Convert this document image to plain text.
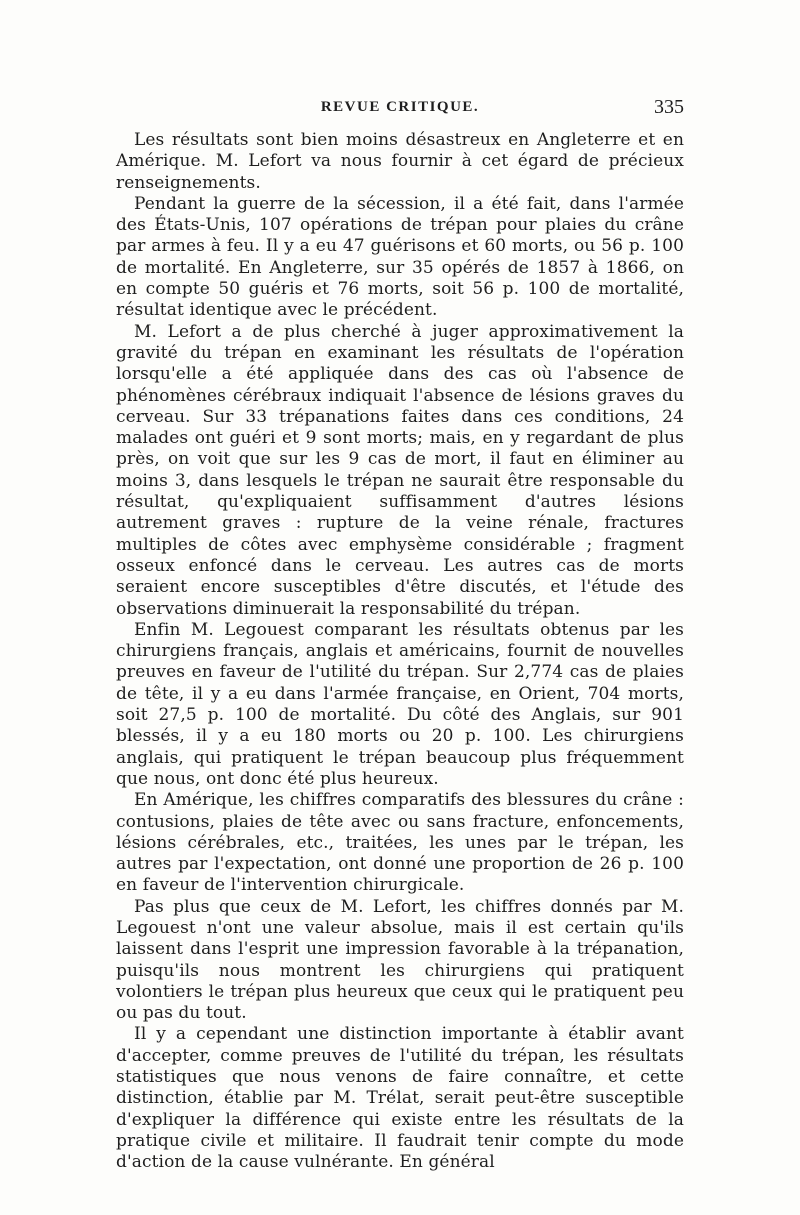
REVUE CRITIQUE.	335

Les résultats sont bien moins désastreux en Angleterre et en Amérique. M. Lefort va nous fournir à cet égard de précieux renseignements.

Pendant la guerre de la sécession, il a été fait, dans l'armée des États-Unis, 107 opérations de trépan pour plaies du crâne par armes à feu. Il y a eu 47 guérisons et 60 morts, ou 56 p. 100 de mortalité. En Angleterre, sur 35 opérés de 1857 à 1866, on en compte 50 guéris et 76 morts, soit 56 p. 100 de mortalité, résultat identique avec le précédent.

M. Lefort a de plus cherché à juger approximativement la gravité du trépan en examinant les résultats de l'opération lorsqu'elle a été appliquée dans des cas où l'absence de phénomènes cérébraux indiquait l'absence de lésions graves du cerveau. Sur 33 trépanations faites dans ces conditions, 24 malades ont guéri et 9 sont morts; mais, en y regardant de plus près, on voit que sur les 9 cas de mort, il faut en éliminer au moins 3, dans lesquels le trépan ne saurait être responsable du résultat, qu'expliquaient suffisamment d'autres lésions autrement graves : rupture de la veine rénale, fractures multiples de côtes avec emphysème considérable ; fragment osseux enfoncé dans le cerveau. Les autres cas de morts seraient encore susceptibles d'être discutés, et l'étude des observations diminuerait la responsabilité du trépan.

Enfin M. Legouest comparant les résultats obtenus par les chirurgiens français, anglais et américains, fournit de nouvelles preuves en faveur de l'utilité du trépan. Sur 2,774 cas de plaies de tête, il y a eu dans l'armée française, en Orient, 704 morts, soit 27,5 p. 100 de mortalité. Du côté des Anglais, sur 901 blessés, il y a eu 180 morts ou 20 p. 100. Les chirurgiens anglais, qui pratiquent le trépan beaucoup plus fréquemment que nous, ont donc été plus heureux.

En Amérique, les chiffres comparatifs des blessures du crâne : contusions, plaies de tête avec ou sans fracture, enfoncements, lésions cérébrales, etc., traitées, les unes par le trépan, les autres par l'expectation, ont donné une proportion de 26 p. 100 en faveur de l'intervention chirurgicale.

Pas plus que ceux de M. Lefort, les chiffres donnés par M. Legouest n'ont une valeur absolue, mais il est certain qu'ils laissent dans l'esprit une impression favorable à la trépanation, puisqu'ils nous montrent les chirurgiens qui pratiquent volontiers le trépan plus heureux que ceux qui le pratiquent peu ou pas du tout.

Il y a cependant une distinction importante à établir avant d'accepter, comme preuves de l'utilité du trépan, les résultats statistiques que nous venons de faire connaître, et cette distinction, établie par M. Trélat, serait peut-être susceptible d'expliquer la différence qui existe entre les résultats de la pratique civile et militaire. Il faudrait tenir compte du mode d'action de la cause vulnérante. En général
